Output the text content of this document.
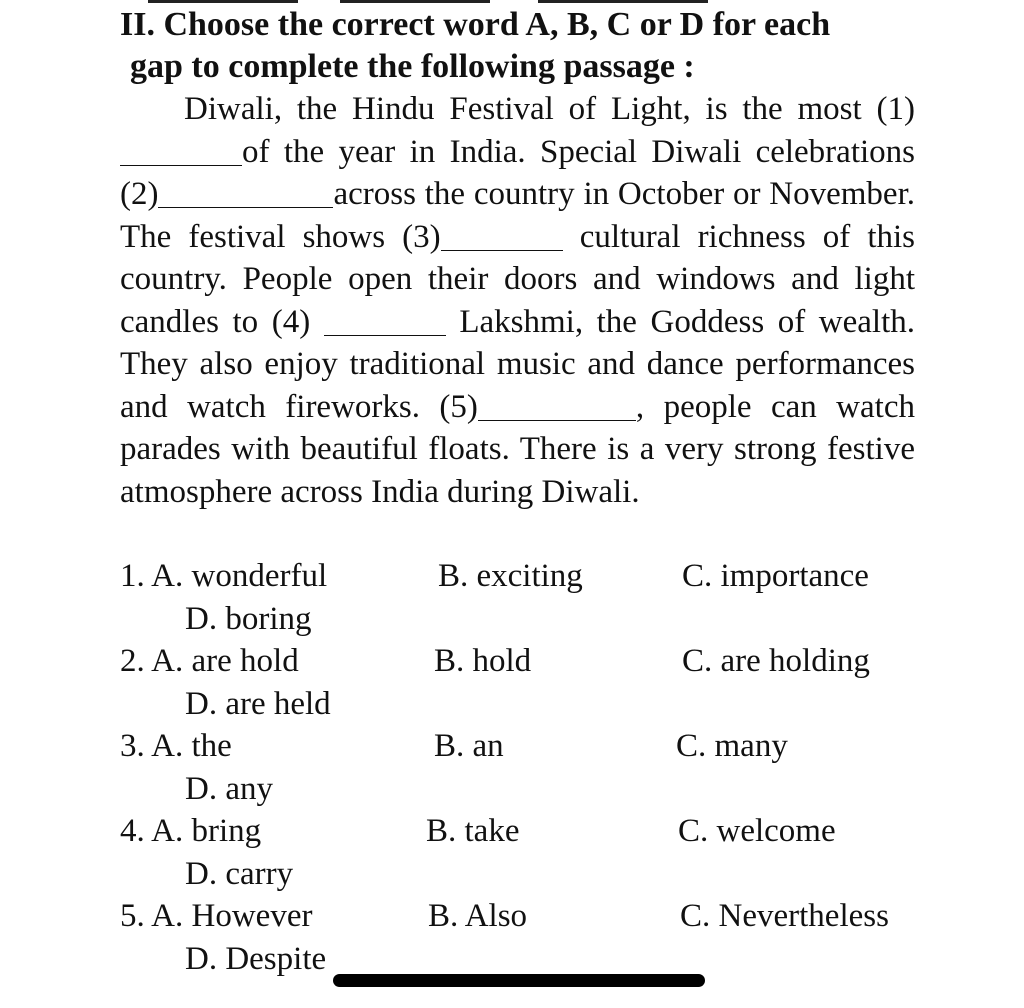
II. Choose the correct word A, B, C or D for each
gap to complete the following passage :
Diwali, the Hindu Festival of Light, is the most (1)of the year in India. Special Diwali celebrations (2)	across the country in October or November. The festival shows (3)	cultural richness of this country. People open their doors and windows and light candles to (4)	Lakshmi, the Goddess of wealth. They also enjoy traditional music and dance performances and watch fireworks. (5)	, people can watch parades with beautiful floats. There is a very strong festive atmosphere across India during Diwali.
1. A. wonderful	B. exciting	C. importance
D. boring
2. A. are hold	B. hold	C. are holding
D. are held
3. A. the	B. an	C. many
D. any
4. A. bring	B. take	C. welcome
D. carry
5. A. However	B. Also	C. Nevertheless
D. Despite
